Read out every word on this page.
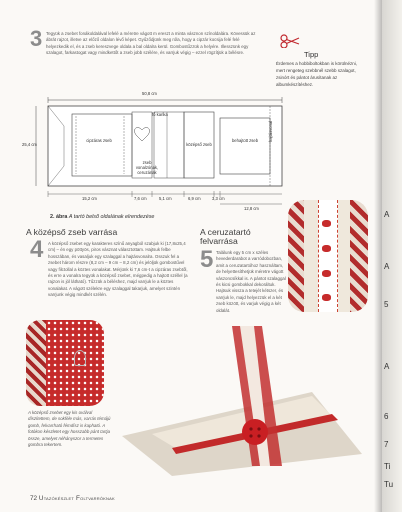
3 Tegyük a zsebet fonákoldalával lefelé a méretre vágott m ereszt a minta vásznon színoldalára. Kövessük az ábrát rajzot, illetve az előző oldalon lévő képet. Gyűződjünk meg róla, hogy a cipzár kocsija felé felé helyezkedik el, és a zseb kereszvege oldala a bal oldalra kerül. Gombostűzzük a helyére. Illesszünk egy szalagot, farkastogat vagy mindkettőt a zseb jobb szélére, és varrjuk végig – ezzel rögzítjük a bélésre.	Tipp
Érdemes a hobbiboltokban is körülnézni, mert rengeteg szebbnél szebb szalagot, zsinórt és pántot árusítanak az albumkészítéshez.
50,8 cm
25,4 cm
hajtásvonal
cipzáras zseb
fő karika
középső zseb
zseb vonalzónak, ceruzának
behajtott zseb
15,2 cm	7,6 cm	5,1 cm	6,9 cm	3,3 cm
12,8 cm
2. ábra A tartó belső oldalának elrendezése
A középső zseb varrása
4 A középső zsebet egy karakteres színű anyagból szabjuk ki (17,8x25,4 cm) – én egy pöttyös, piros vásznat választottam. Hajtsuk felbe hosszában, és vasaljuk egy szalaggal a hajtásvonalra. Osszuk fel a zsebet három részre (8,2 cm – 9 cm – 8,2 cm) és jelöljük gombostűvel vagy filctollal a köztes vonalakat. Mérjünk ki 7,6 cm-t a cipzáras zsebtől, és erre a vonalra tegyük a középső zsebet, mégpedig a hajtott széllel (a rajzon is jól látható). Tűzzük a béléshez, majd varrjuk le a köztes vonalakat. A vágott szélekre egy szalaggal takarjuk, amelyet szintén varrjunk végig mindkét szélén.
A ceruzatartó
felvarrása
5 Találunk egy 5 cm x széles hevederdarabot a varródobozban, amit a ceruzatartóhoz használtam, de helyettesíthetjük méretre vágott vászoncsíkkal is. A pántot szalaggal és kicsi gombokkal dekoráltuk. Hajtsuk vissza a tetejét kétszer, és varrjuk le, majd helyezzük el a két zseb között, és varjuk végig a két oldalát.
A középső zsebet egy kis oválval díszítettem, de sokféle más, varrás témájú gomb, felvarrható fémdísz is kapható. A fotókon készletet egy hosszabb pánt tartja össze, amelyet néhányszor a termetes gombra tekertem.
72 Utazókészlet Foltvarróknak
A
A
5
A
6
7
Ti
Tu
